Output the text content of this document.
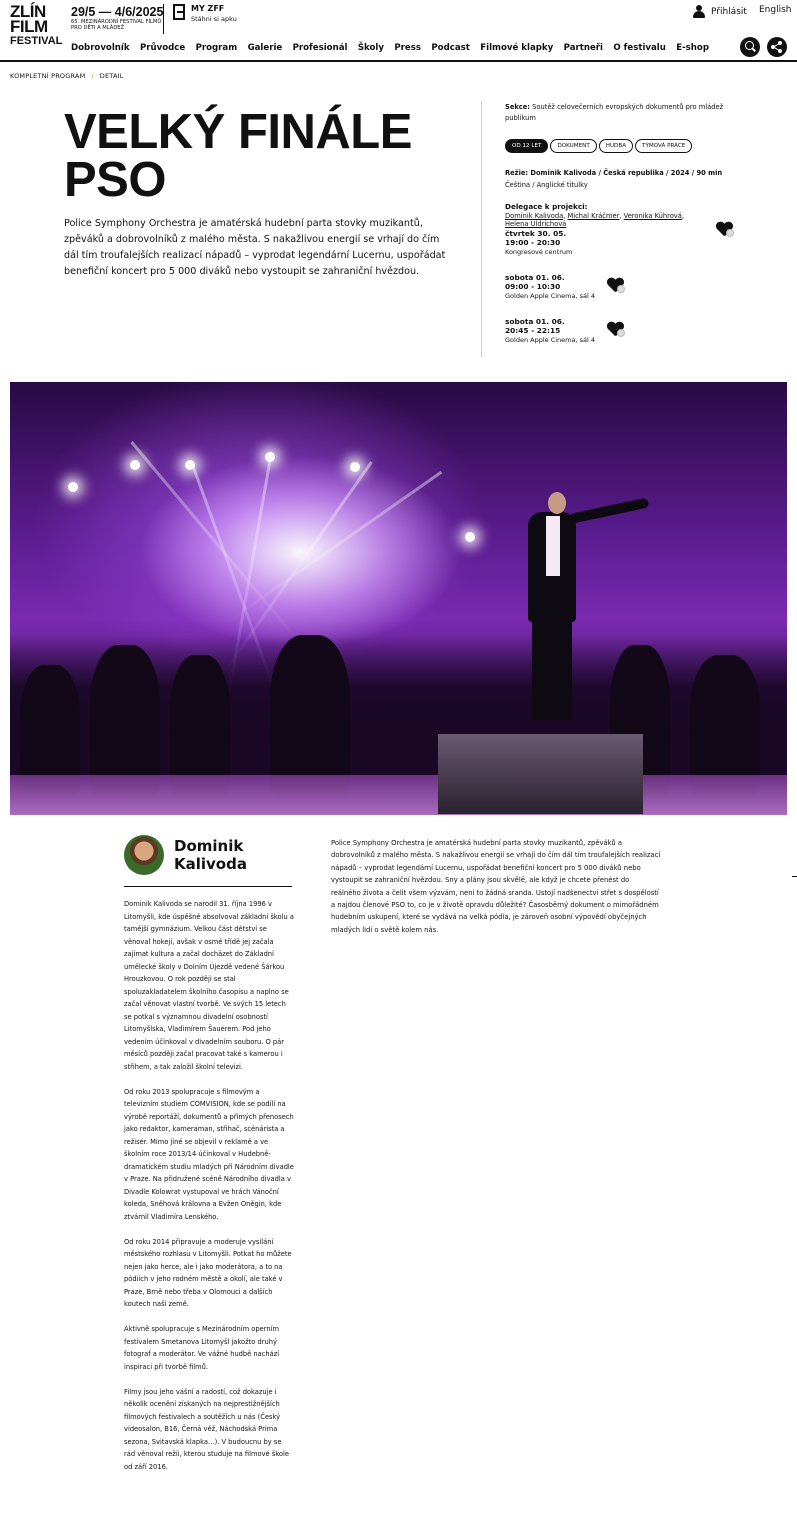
ZLÍN
FILM
FESTIVAL
29/5 — 4/6/2025
65. MEZINÁRODNÍ FESTIVAL FILMŮ PRO DĚTI A MLÁDEŽ
MY ZFF
Stáhni si apku
Přihlásit English
Dobrovolník Průvodce Program Galerie Profesionál Školy Press Podcast Filmové klapky Partneři O festivalu E-shop
KOMPLETNÍ PROGRAM / DETAIL
VELKÝ FINÁLE PSO

Police Symphony Orchestra je amatérská hudební parta stovky muzikantů, zpěváků a dobrovolníků z malého města. S nakažlivou energií se vrhají do čím dál tím troufalejších realizací nápadů – vyprodat legendární Lucernu, uspořádat benefiční koncert pro 5 000 diváků nebo vystoupit se zahraniční hvězdou.

Sekce: Soutěž celovečerních evropských dokumentů pro mládež publikum
OD 12 LET	DOKUMENT	HUDBA	TÝMOVÁ PRÁCE
Režie: Dominik Kalivoda / Česká republika / 2024 / 90 min
Čeština / Anglické titulky
Delegace k projekci:
Dominik Kalivoda, Michal Kráčmer, Veronika Kührová, Helena Uldrichová
čtvrtek 30. 05.
19:00 - 20:30
Kongresové centrum
sobota 01. 06.
09:00 - 10:30
Golden Apple Cinema, sál 4
sobota 01. 06.
20:45 - 22:15
Golden Apple Cinema, sál 4
Dominik
Kalivoda

Dominik Kalivoda se narodil 31. října 1996 v Litomyšli, kde úspěšně absolvoval základní školu a tamější gymnázium. Velkou část dětství se věnoval hokeji, avšak v osmé třídě jej začala zajímat kultura a začal docházet do Základní umělecké školy v Dolním Újezdě vedené Šárkou Hrouzkovou. O rok později se stal spoluzakladatelem školního časopisu a naplno se začal věnovat vlastní tvorbě. Ve svých 15 letech se potkal s významnou divadelní osobností Litomyšlska, Vladimírem Šauerem. Pod jeho vedením účinkoval v divadelním souboru. O pár měsíců později začal pracovat také s kamerou i střihem, a tak založil školní televizi.

Od roku 2013 spolupracuje s filmovým a televizním studiem COMVISION, kde se podílí na výrobě reportáží, dokumentů a přímých přenosech jako redaktor, kameraman, střihač, scénárista a režisér. Mimo jiné se objevil v reklamě a ve školním roce 2013/14 účinkoval v Hudebně-dramatickém studiu mladých při Národním divadle v Praze. Na přidružené scéně Národního divadla v Divadle Kolowrat vystupoval ve hrách Vánoční koleda, Sněhová královna a Evžen Oněgin, kde ztvárnil Vladimíra Lenského.

Od roku 2014 připravuje a moderuje vysílání městského rozhlasu v Litomyšli. Potkat ho můžete nejen jako herce, ale i jako moderátora, a to na pódiích v jeho rodném městě a okolí, ale také v Praze, Brně nebo třeba v Olomouci a dalších koutech naší země.

Aktivně spolupracuje s Mezinárodním operním festivalem Smetanova Litomyšl jakožto druhý fotograf a moderátor. Ve vážné hudbě nachází inspiraci při tvorbě filmů.

Filmy jsou jeho vášní a radostí, což dokazuje i několik ocenění získaných na nejprestižnějších filmových festivalech a soutěžích u nás (Český videosalon, B16, Černá věž, Náchodská Prima sezona, Svitavská klapka…). V budoucnu by se rád věnoval režii, kterou studuje na filmové škole od září 2016.

Police Symphony Orchestra je amatérská hudební parta stovky muzikantů, zpěváků a dobrovolníků z malého města. S nakažlivou energií se vrhají do čím dál tím troufalejších realizací nápadů – vyprodat legendární Lucernu, uspořádat benefiční koncert pro 5 000 diváků nebo vystoupit se zahraniční hvězdou. Sny a plány jsou skvělé, ale když je chcete přenést do reálného života a čelit všem výzvám, není to žádná sranda. Ustojí nadšenectví střet s dospělostí a najdou členové PSO to, co je v životě opravdu důležité? Časosběrný dokument o mimořádném hudebním uskupení, které se vydává na velká pódia, je zároveň osobní výpovědí obyčejných mladých lidí o světě kolem nás.
